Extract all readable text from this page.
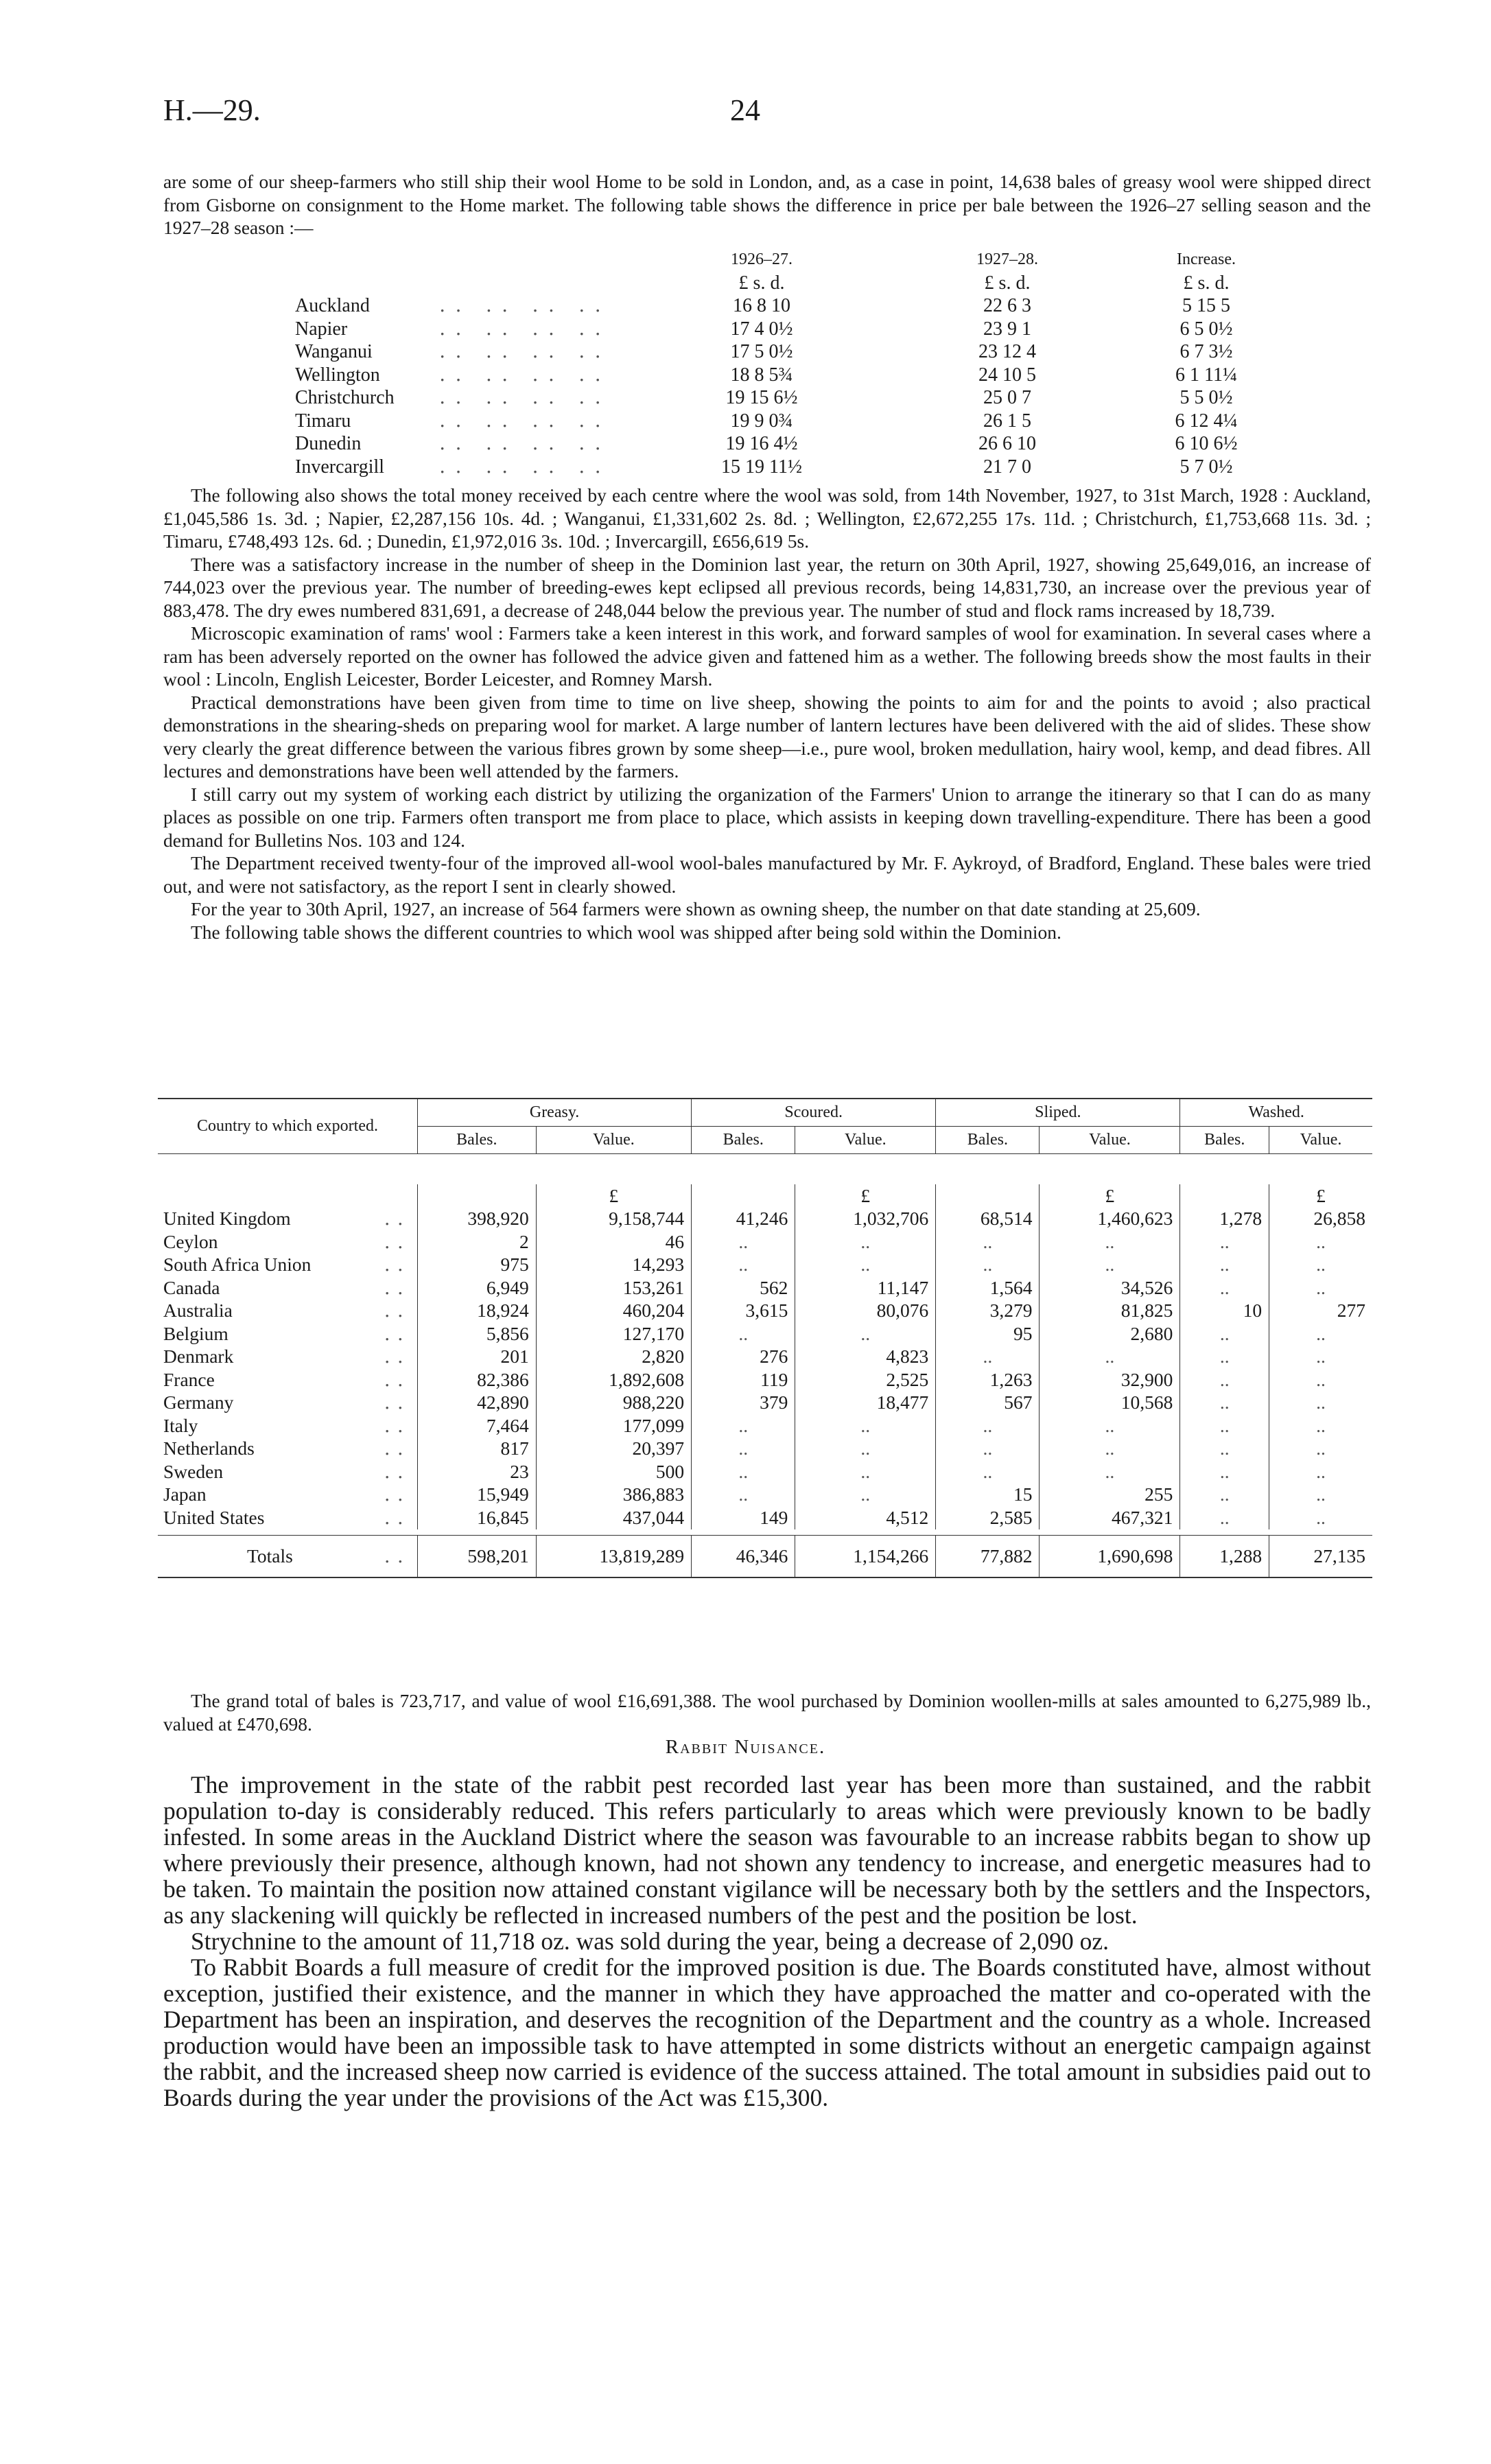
H.—29.	24

are some of our sheep-farmers who still ship their wool Home to be sold in London, and, as a case in point, 14,638 bales of greasy wool were shipped direct from Gisborne on consignment to the Home market. The following table shows the difference in price per bale between the 1926–27 selling season and the 1927–28 season :—

1926–27.	1927–28.	Increase.
£ s. d.	£ s. d.	£ s. d.
Auckland	16 8 10	22 6 3	5 15 5
․․ ․․ ․․ ․․
Napier	17 4 0½	23 9 1	6 5 0½
․․ ․․ ․․ ․․
Wanganui	17 5 0½	23 12 4	6 7 3½
․․ ․․ ․․ ․․
Wellington	18 8 5¾	24 10 5	6 1 11¼
․․ ․․ ․․ ․․
Christchurch	19 15 6½	25 0 7	5 5 0½
․․ ․․ ․․ ․․
Timaru	19 9 0¾	26 1 5	6 12 4¼
․․ ․․ ․․ ․․
Dunedin	19 16 4½	26 6 10	6 10 6½
․․ ․․ ․․ ․․
Invercargill	15 19 11½	21 7 0	5 7 0½
․․ ․․ ․․ ․․

The following also shows the total money received by each centre where the wool was sold, from 14th November, 1927, to 31st March, 1928 : Auckland, £1,045,586 1s. 3d. ; Napier, £2,287,156 10s. 4d. ; Wanganui, £1,331,602 2s. 8d. ; Wellington, £2,672,255 17s. 11d. ; Christchurch, £1,753,668 11s. 3d. ; Timaru, £748,493 12s. 6d. ; Dunedin, £1,972,016 3s. 10d. ; Invercargill, £656,619 5s.

There was a satisfactory increase in the number of sheep in the Dominion last year, the return on 30th April, 1927, showing 25,649,016, an increase of 744,023 over the previous year. The number of breeding-ewes kept eclipsed all previous records, being 14,831,730, an increase over the previous year of 883,478. The dry ewes numbered 831,691, a decrease of 248,044 below the previous year. The number of stud and flock rams increased by 18,739.

Microscopic examination of rams' wool : Farmers take a keen interest in this work, and forward samples of wool for examination. In several cases where a ram has been adversely reported on the owner has followed the advice given and fattened him as a wether. The following breeds show the most faults in their wool : Lincoln, English Leicester, Border Leicester, and Romney Marsh.

Practical demonstrations have been given from time to time on live sheep, showing the points to aim for and the points to avoid ; also practical demonstrations in the shearing-sheds on preparing wool for market. A large number of lantern lectures have been delivered with the aid of slides. These show very clearly the great difference between the various fibres grown by some sheep—i.e., pure wool, broken medullation, hairy wool, kemp, and dead fibres. All lectures and demonstrations have been well attended by the farmers.

I still carry out my system of working each district by utilizing the organization of the Farmers' Union to arrange the itinerary so that I can do as many places as possible on one trip. Farmers often transport me from place to place, which assists in keeping down travelling-expenditure. There has been a good demand for Bulletins Nos. 103 and 124.

The Department received twenty-four of the improved all-wool wool-bales manufactured by Mr. F. Aykroyd, of Bradford, England. These bales were tried out, and were not satisfactory, as the report I sent in clearly showed.

For the year to 30th April, 1927, an increase of 564 farmers were shown as owning sheep, the number on that date standing at 25,609.

The following table shows the different countries to which wool was shipped after being sold within the Dominion.

Country to which exported.	Greasy.		Scoured.		Sliped.		Washed.	
	Bales.	Value.	Bales.	Value.	Bales.	Value.	Bales.	Value.

		£		£		£		£
United Kingdom ․․	398,920	9,158,744	41,246	1,032,706	68,514	1,460,623	1,278	26,858
Ceylon ․․	2	46	..	..	..	..	..	..
South Africa Union ․․	975	14,293	..	..	..	..	..	..
Canada ․․	6,949	153,261	562	11,147	1,564	34,526	..	..
Australia ․․	18,924	460,204	3,615	80,076	3,279	81,825	10	277
Belgium ․․	5,856	127,170	..	..	95	2,680	..	..
Denmark ․․	201	2,820	276	4,823	..	..	..	..
France ․․	82,386	1,892,608	119	2,525	1,263	32,900	..	..
Germany ․․	42,890	988,220	379	18,477	567	10,568	..	..
Italy ․․	7,464	177,099	..	..	..	..	..	..
Netherlands ․․	817	20,397	..	..	..	..	..	..
Sweden ․․	23	500	..	..	..	..	..	..
Japan ․․	15,949	386,883	..	..	15	255	..	..
United States ․․	16,845	437,044	149	4,512	2,585	467,321	..	..

Totals ․․	598,201	13,819,289	46,346	1,154,266	77,882	1,690,698	1,288	27,135

The grand total of bales is 723,717, and value of wool £16,691,388. The wool purchased by Dominion woollen-mills at sales amounted to 6,275,989 lb., valued at £470,698.

Rabbit Nuisance.

The improvement in the state of the rabbit pest recorded last year has been more than sustained, and the rabbit population to-day is considerably reduced. This refers particularly to areas which were previously known to be badly infested. In some areas in the Auckland District where the season was favourable to an increase rabbits began to show up where previously their presence, although known, had not shown any tendency to increase, and energetic measures had to be taken. To maintain the position now attained constant vigilance will be necessary both by the settlers and the Inspectors, as any slackening will quickly be reflected in increased numbers of the pest and the position be lost.

Strychnine to the amount of 11,718 oz. was sold during the year, being a decrease of 2,090 oz.

To Rabbit Boards a full measure of credit for the improved position is due. The Boards constituted have, almost without exception, justified their existence, and the manner in which they have approached the matter and co-operated with the Department has been an inspiration, and deserves the recognition of the Department and the country as a whole. Increased production would have been an impossible task to have attempted in some districts without an energetic campaign against the rabbit, and the increased sheep now carried is evidence of the success attained. The total amount in subsidies paid out to Boards during the year under the provisions of the Act was £15,300.
